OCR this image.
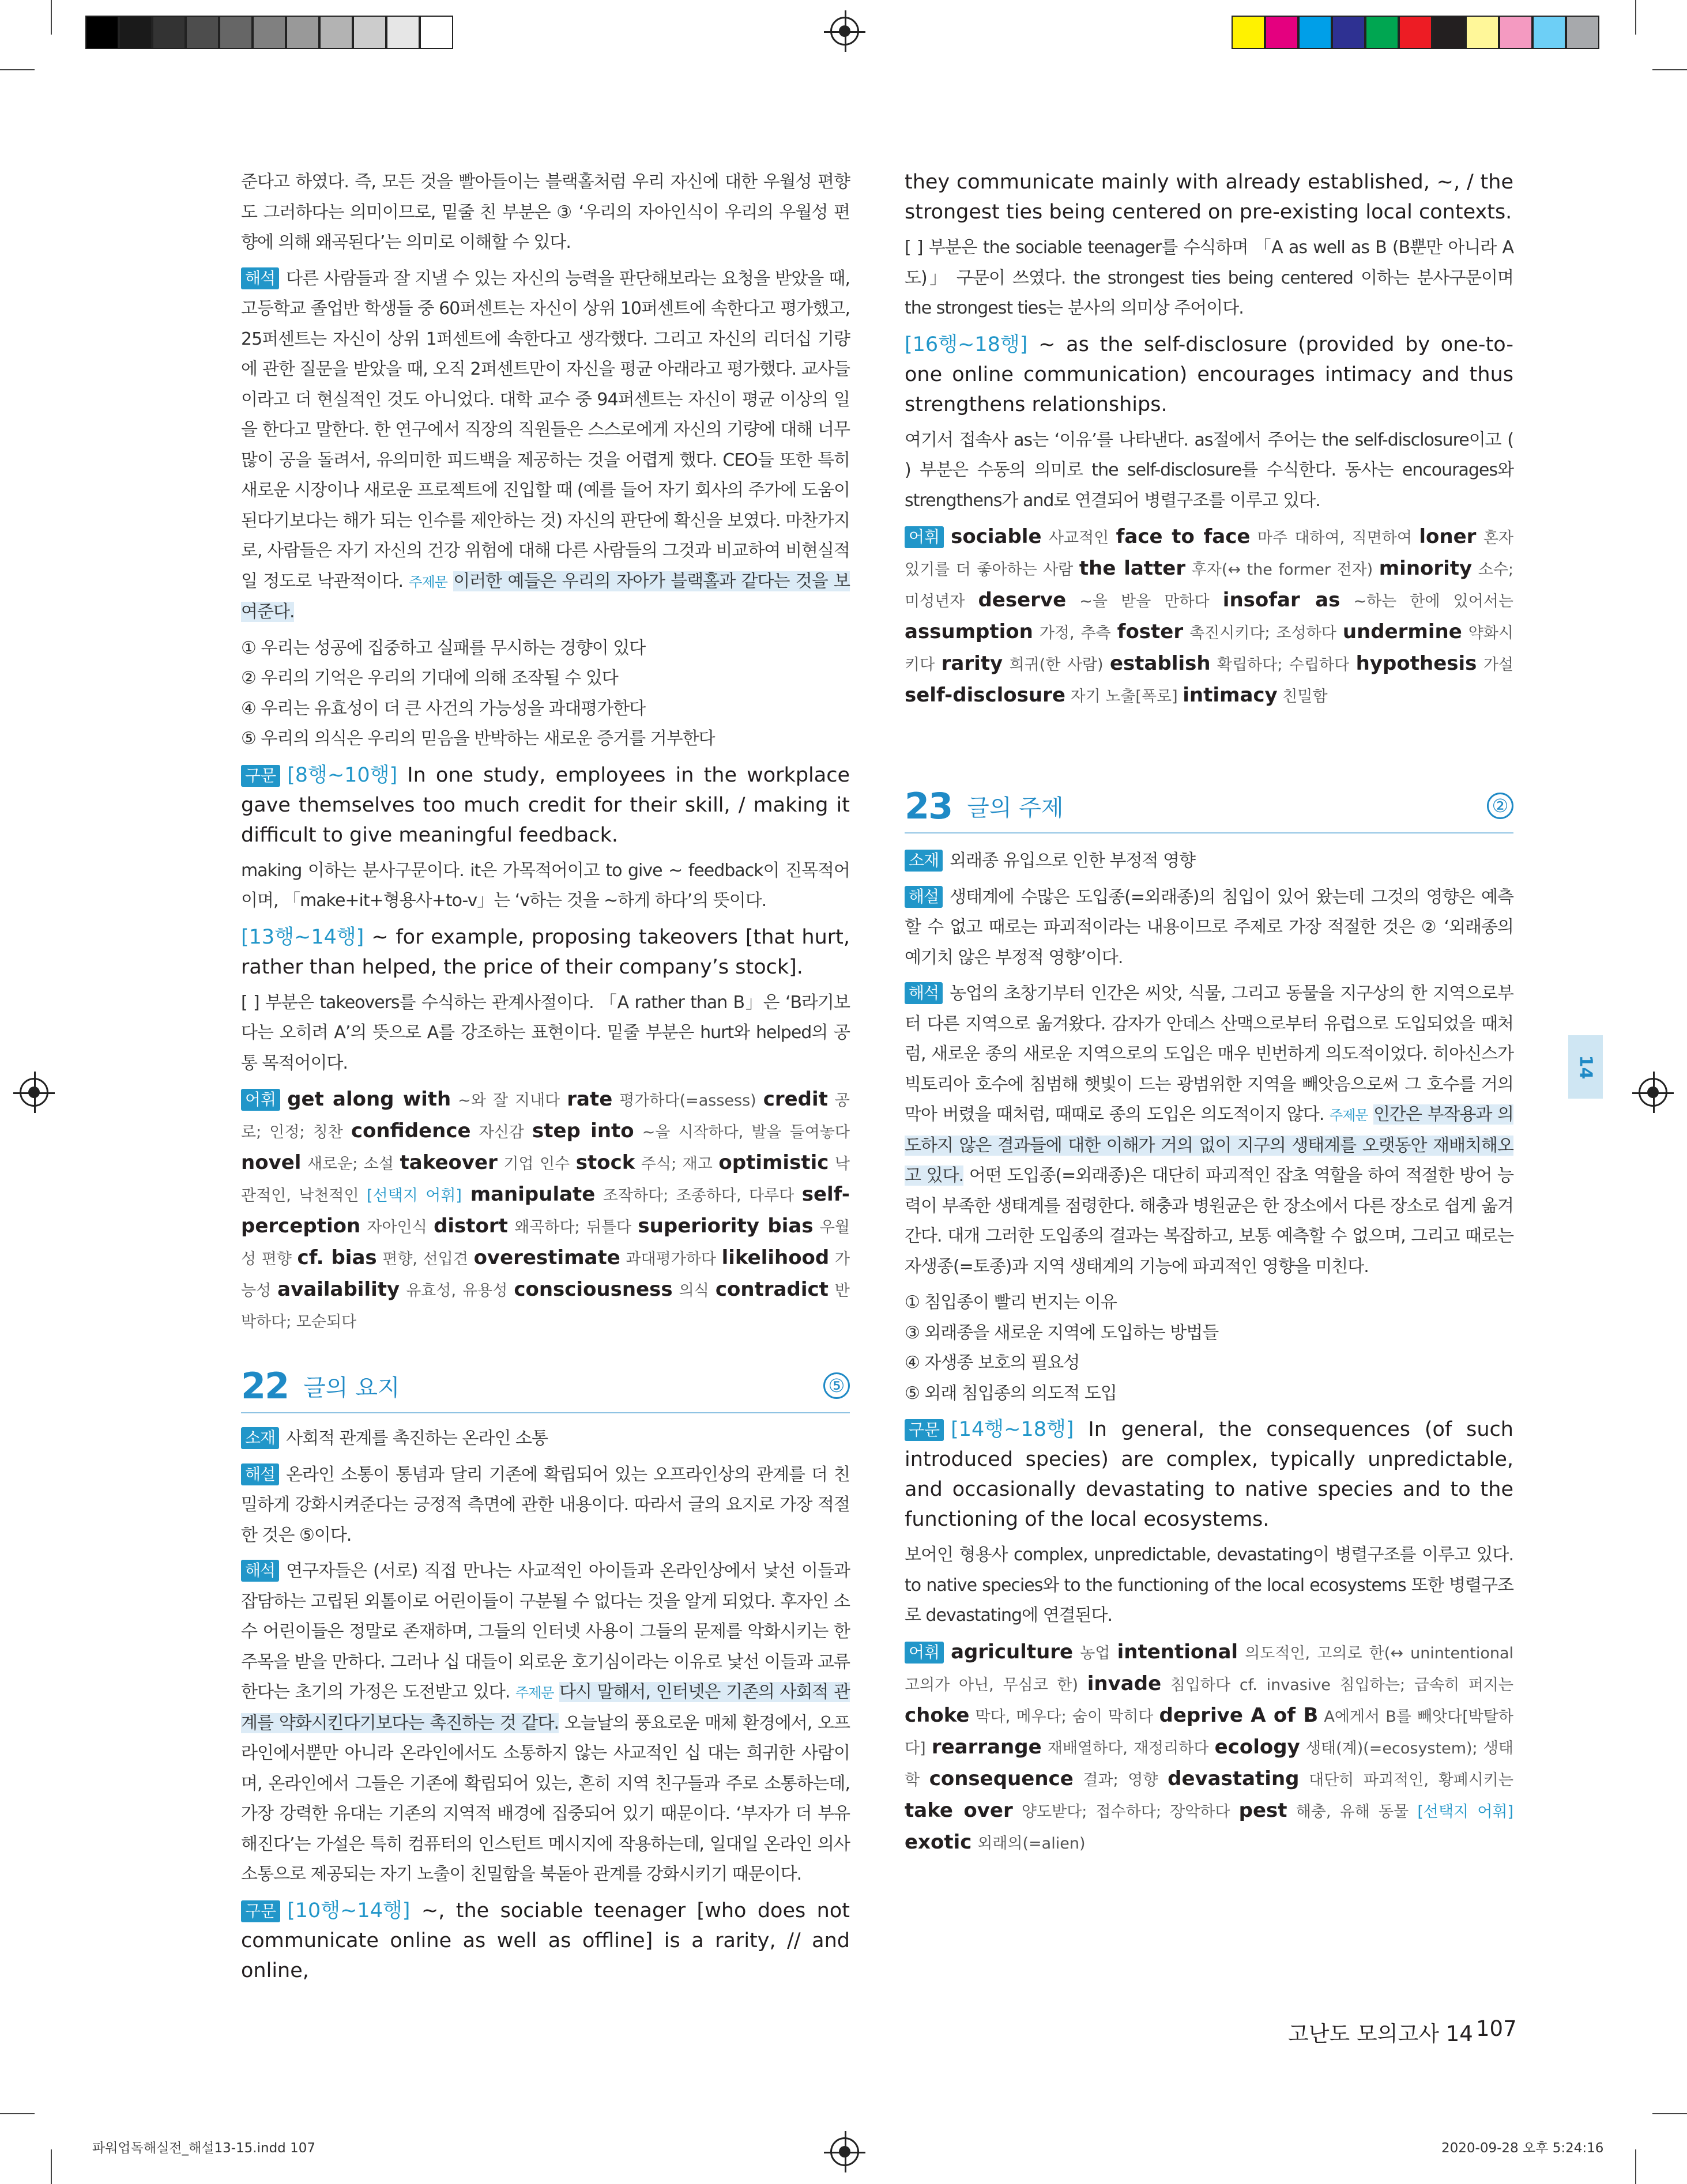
준다고 하였다. 즉, 모든 것을 빨아들이는 블랙홀처럼 우리 자신에 대한 우월성 편향도 그러하다는 의미이므로, 밑줄 친 부분은 ③ ‘우리의 자아인식이 우리의 우월성 편향에 의해 왜곡된다’는 의미로 이해할 수 있다.

해석 다른 사람들과 잘 지낼 수 있는 자신의 능력을 판단해보라는 요청을 받았을 때, 고등학교 졸업반 학생들 중 60퍼센트는 자신이 상위 10퍼센트에 속한다고 평가했고, 25퍼센트는 자신이 상위 1퍼센트에 속한다고 생각했다. 그리고 자신의 리더십 기량에 관한 질문을 받았을 때, 오직 2퍼센트만이 자신을 평균 아래라고 평가했다. 교사들이라고 더 현실적인 것도 아니었다. 대학 교수 중 94퍼센트는 자신이 평균 이상의 일을 한다고 말한다. 한 연구에서 직장의 직원들은 스스로에게 자신의 기량에 대해 너무 많이 공을 돌려서, 유의미한 피드백을 제공하는 것을 어렵게 했다. CEO들 또한 특히 새로운 시장이나 새로운 프로젝트에 진입할 때 (예를 들어 자기 회사의 주가에 도움이 된다기보다는 해가 되는 인수를 제안하는 것) 자신의 판단에 확신을 보였다. 마찬가지로, 사람들은 자기 자신의 건강 위험에 대해 다른 사람들의 그것과 비교하여 비현실적일 정도로 낙관적이다. 주제문 이러한 예들은 우리의 자아가 블랙홀과 같다는 것을 보여준다.

① 우리는 성공에 집중하고 실패를 무시하는 경향이 있다
② 우리의 기억은 우리의 기대에 의해 조작될 수 있다
④ 우리는 유효성이 더 큰 사건의 가능성을 과대평가한다
⑤ 우리의 의식은 우리의 믿음을 반박하는 새로운 증거를 거부한다

구문 [8행~10행] In one study, employees in the workplace gave themselves too much credit for their skill, / making it difficult to give meaningful feedback.

making 이하는 분사구문이다. it은 가목적어이고 to give ~ feedback이 진목적어이며, 「make+it+형용사+to-v」는 ‘v하는 것을 ~하게 하다’의 뜻이다.

[13행~14행] ~ for example, proposing takeovers [that hurt, rather than helped, the price of their company’s stock].

[ ] 부분은 takeovers를 수식하는 관계사절이다. 「A rather than B」은 ‘B라기보다는 오히려 A’의 뜻으로 A를 강조하는 표현이다. 밑줄 부분은 hurt와 helped의 공통 목적어이다.

어휘 get along with ~와 잘 지내다 rate 평가하다(=assess) credit 공로; 인정; 칭찬 confidence 자신감 step into ~을 시작하다, 발을 들여놓다 novel 새로운; 소설 takeover 기업 인수 stock 주식; 재고 optimistic 낙관적인, 낙천적인 [선택지 어휘] manipulate 조작하다; 조종하다, 다루다 self-perception 자아인식 distort 왜곡하다; 뒤틀다 superiority bias 우월성 편향 cf. bias 편향, 선입견 overestimate 과대평가하다 likelihood 가능성 availability 유효성, 유용성 consciousness 의식 contradict 반박하다; 모순되다

22 글의 요지	⑤

소재 사회적 관계를 촉진하는 온라인 소통

해설 온라인 소통이 통념과 달리 기존에 확립되어 있는 오프라인상의 관계를 더 친밀하게 강화시켜준다는 긍정적 측면에 관한 내용이다. 따라서 글의 요지로 가장 적절한 것은 ⑤이다.

해석 연구자들은 (서로) 직접 만나는 사교적인 아이들과 온라인상에서 낯선 이들과 잡담하는 고립된 외톨이로 어린이들이 구분될 수 없다는 것을 알게 되었다. 후자인 소수 어린이들은 정말로 존재하며, 그들의 인터넷 사용이 그들의 문제를 악화시키는 한 주목을 받을 만하다. 그러나 십 대들이 외로운 호기심이라는 이유로 낯선 이들과 교류한다는 초기의 가정은 도전받고 있다. 주제문 다시 말해서, 인터넷은 기존의 사회적 관계를 약화시킨다기보다는 촉진하는 것 같다. 오늘날의 풍요로운 매체 환경에서, 오프라인에서뿐만 아니라 온라인에서도 소통하지 않는 사교적인 십 대는 희귀한 사람이며, 온라인에서 그들은 기존에 확립되어 있는, 흔히 지역 친구들과 주로 소통하는데, 가장 강력한 유대는 기존의 지역적 배경에 집중되어 있기 때문이다. ‘부자가 더 부유해진다’는 가설은 특히 컴퓨터의 인스턴트 메시지에 작용하는데, 일대일 온라인 의사소통으로 제공되는 자기 노출이 친밀함을 북돋아 관계를 강화시키기 때문이다.

구문 [10행~14행] ~, the sociable teenager [who does not communicate online as well as offline] is a rarity, // and online,

they communicate mainly with already established, ~, / the strongest ties being centered on pre-existing local contexts.

[ ] 부분은 the sociable teenager를 수식하며 「A as well as B (B뿐만 아니라 A도)」 구문이 쓰였다. the strongest ties being centered 이하는 분사구문이며 the strongest ties는 분사의 의미상 주어이다.

[16행~18행] ~ as the self-disclosure (provided by one-to-one online communication) encourages intimacy and thus strengthens relationships.

여기서 접속사 as는 ‘이유’를 나타낸다. as절에서 주어는 the self-disclosure이고 ( ) 부분은 수동의 의미로 the self-disclosure를 수식한다. 동사는 encourages와 strengthens가 and로 연결되어 병렬구조를 이루고 있다.

어휘 sociable 사교적인 face to face 마주 대하여, 직면하여 loner 혼자 있기를 더 좋아하는 사람 the latter 후자(↔ the former 전자) minority 소수; 미성년자 deserve ~을 받을 만하다 insofar as ~하는 한에 있어서는 assumption 가정, 추측 foster 촉진시키다; 조성하다 undermine 약화시키다 rarity 희귀(한 사람) establish 확립하다; 수립하다 hypothesis 가설 self-disclosure 자기 노출[폭로] intimacy 친밀함

23 글의 주제	②

소재 외래종 유입으로 인한 부정적 영향

해설 생태계에 수많은 도입종(=외래종)의 침입이 있어 왔는데 그것의 영향은 예측할 수 없고 때로는 파괴적이라는 내용이므로 주제로 가장 적절한 것은 ② ‘외래종의 예기치 않은 부정적 영향’이다.

해석 농업의 초창기부터 인간은 씨앗, 식물, 그리고 동물을 지구상의 한 지역으로부터 다른 지역으로 옮겨왔다. 감자가 안데스 산맥으로부터 유럽으로 도입되었을 때처럼, 새로운 종의 새로운 지역으로의 도입은 매우 빈번하게 의도적이었다. 히아신스가 빅토리아 호수에 침범해 햇빛이 드는 광범위한 지역을 빼앗음으로써 그 호수를 거의 막아 버렸을 때처럼, 때때로 종의 도입은 의도적이지 않다. 주제문 인간은 부작용과 의도하지 않은 결과들에 대한 이해가 거의 없이 지구의 생태계를 오랫동안 재배치해오고 있다. 어떤 도입종(=외래종)은 대단히 파괴적인 잡초 역할을 하여 적절한 방어 능력이 부족한 생태계를 점령한다. 해충과 병원균은 한 장소에서 다른 장소로 쉽게 옮겨간다. 대개 그러한 도입종의 결과는 복잡하고, 보통 예측할 수 없으며, 그리고 때로는 자생종(=토종)과 지역 생태계의 기능에 파괴적인 영향을 미친다.

① 침입종이 빨리 번지는 이유
③ 외래종을 새로운 지역에 도입하는 방법들
④ 자생종 보호의 필요성
⑤ 외래 침입종의 의도적 도입

구문 [14행~18행] In general, the consequences (of such introduced species) are complex, typically unpredictable, and occasionally devastating to native species and to the functioning of the local ecosystems.

보어인 형용사 complex, unpredictable, devastating이 병렬구조를 이루고 있다. to native species와 to the functioning of the local ecosystems 또한 병렬구조로 devastating에 연결된다.

어휘 agriculture 농업 intentional 의도적인, 고의로 한(↔ unintentional 고의가 아닌, 무심코 한) invade 침입하다 cf. invasive 침입하는; 급속히 퍼지는 choke 막다, 메우다; 숨이 막히다 deprive A of B A에게서 B를 빼앗다[박탈하다] rearrange 재배열하다, 재정리하다 ecology 생태(계)(=ecosystem); 생태학 consequence 결과; 영향 devastating 대단히 파괴적인, 황폐시키는 take over 양도받다; 접수하다; 장악하다 pest 해충, 유해 동물 [선택지 어휘] exotic 외래의(=alien)

14
고난도 모의고사 14 107
파워업독해실전_해설13-15.indd 107	2020-09-28 오후 5:24:16
